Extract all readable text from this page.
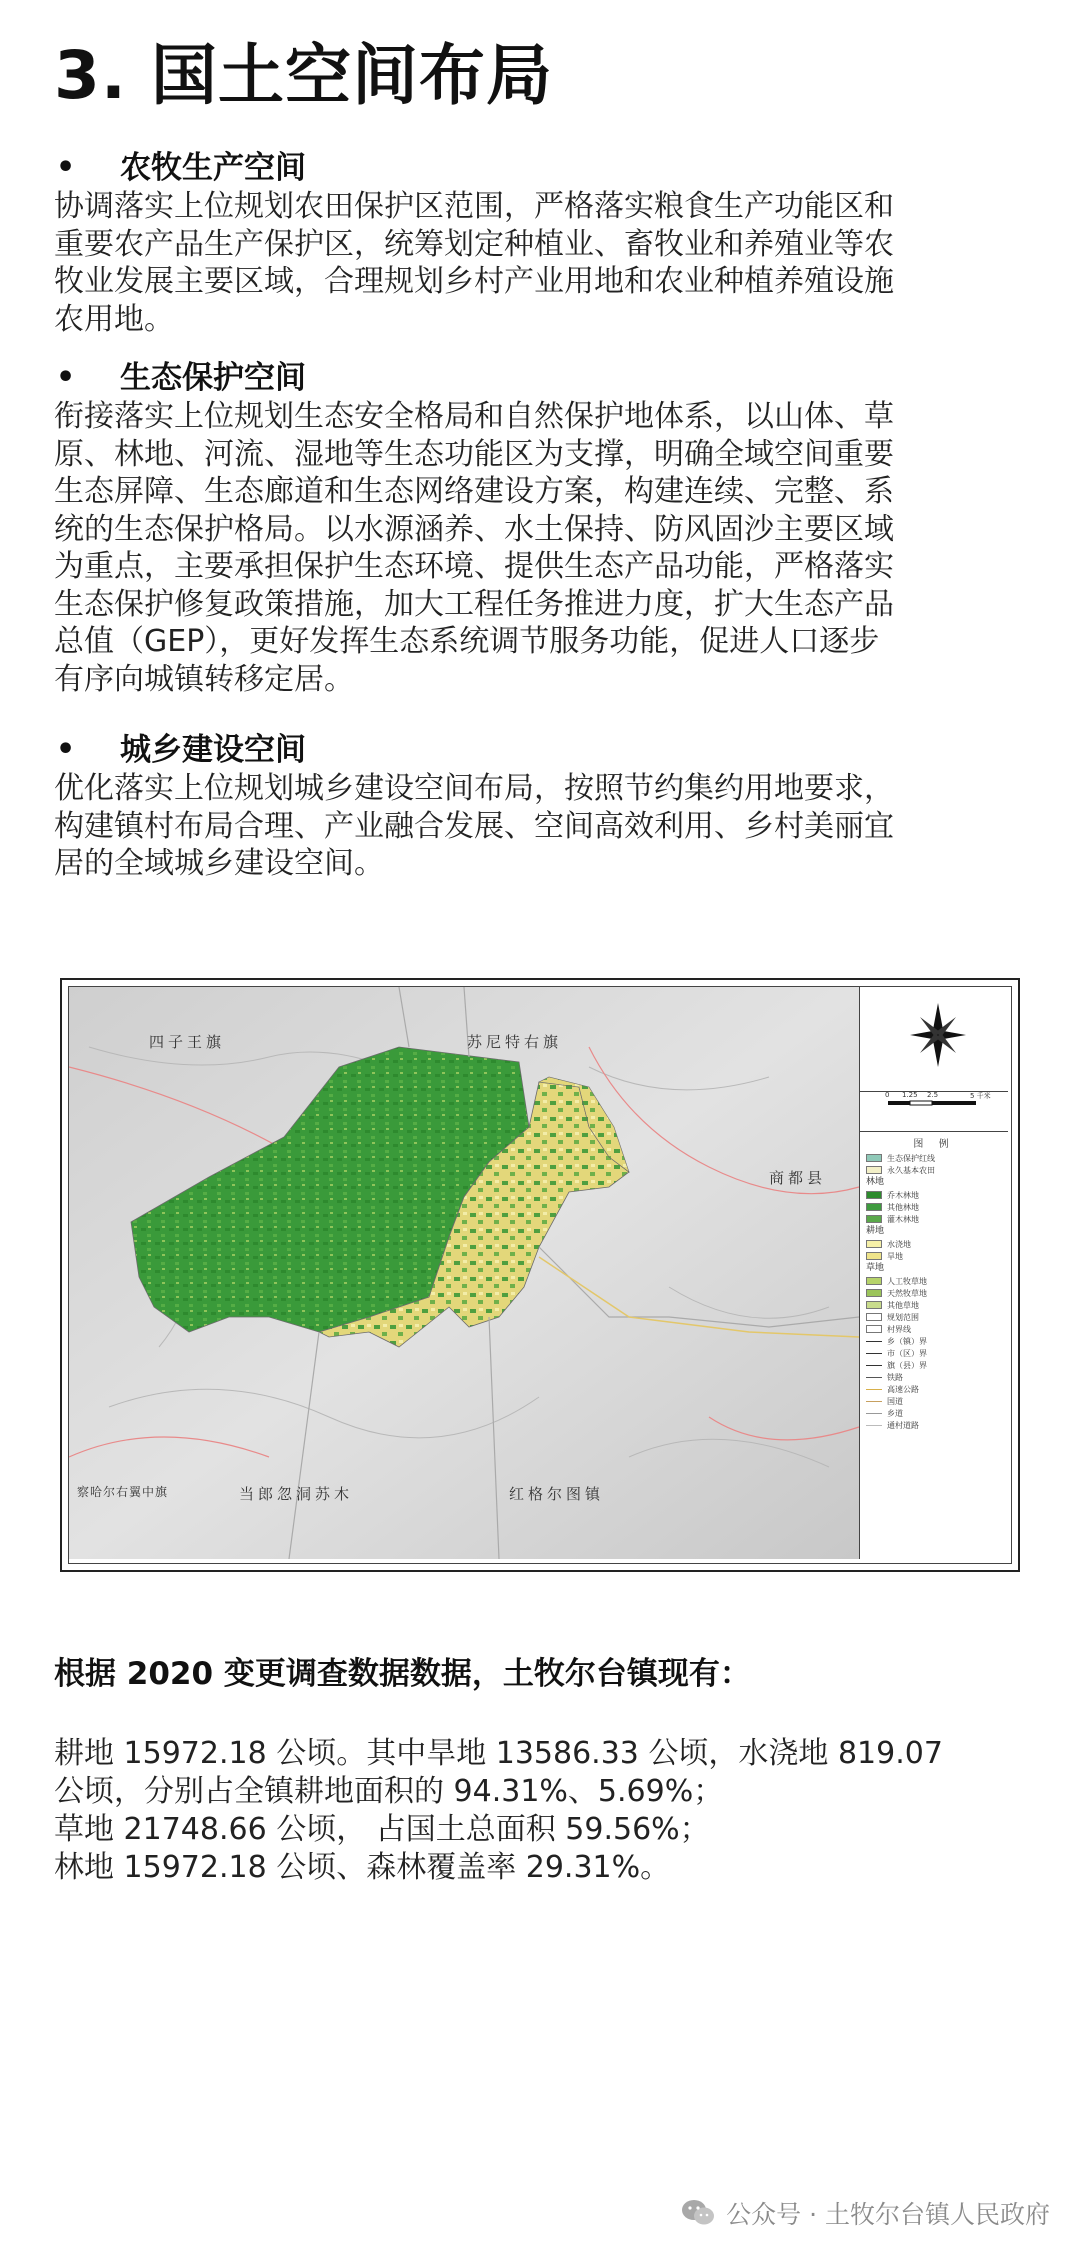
3. 国土空间布局
•	农牧生产空间

协调落实上位规划农田保护区范围，严格落实粮食生产功能区和
重要农产品生产保护区，统筹划定种植业、畜牧业和养殖业等农
牧业发展主要区域，合理规划乡村产业用地和农业种植养殖设施
农用地。

•	生态保护空间

衔接落实上位规划生态安全格局和自然保护地体系，以山体、草
原、林地、河流、湿地等生态功能区为支撑，明确全域空间重要
生态屏障、生态廊道和生态网络建设方案，构建连续、完整、系
统的生态保护格局。以水源涵养、水土保持、防风固沙主要区域
为重点，主要承担保护生态环境、提供生态产品功能，严格落实
生态保护修复政策措施，加大工程任务推进力度，扩大生态产品
总值（GEP），更好发挥生态系统调节服务功能，促进人口逐步
有序向城镇转移定居。

•	城乡建设空间

优化落实上位规划城乡建设空间布局，按照节约集约用地要求，
构建镇村布局合理、产业融合发展、空间高效利用、乡村美丽宜
居的全域城乡建设空间。

四子王旗	苏尼特右旗
商都县
察哈尔右翼中旗	当郎忽洞苏木	红格尔图镇
0 1.25 2.5	5 千米
图 例
生态保护红线
永久基本农田
林地
乔木林地
其他林地
灌木林地
耕地
水浇地
旱地
草地
人工牧草地
天然牧草地
其他草地
规划范围
村界线
乡（镇）界
市（区）界
旗（县）界
铁路
高速公路
国道
乡道
通村道路
根据 2020 变更调查数据数据，土牧尔台镇现有：

耕地 15972.18 公顷。其中旱地 13586.33 公顷，水浇地 819.07

公顷，分别占全镇耕地面积的 94.31%、5.69%；

草地 21748.66 公顷， 占国土总面积 59.56%；

林地 15972.18 公顷、森林覆盖率 29.31%。

公众号 · 土牧尔台镇人民政府
